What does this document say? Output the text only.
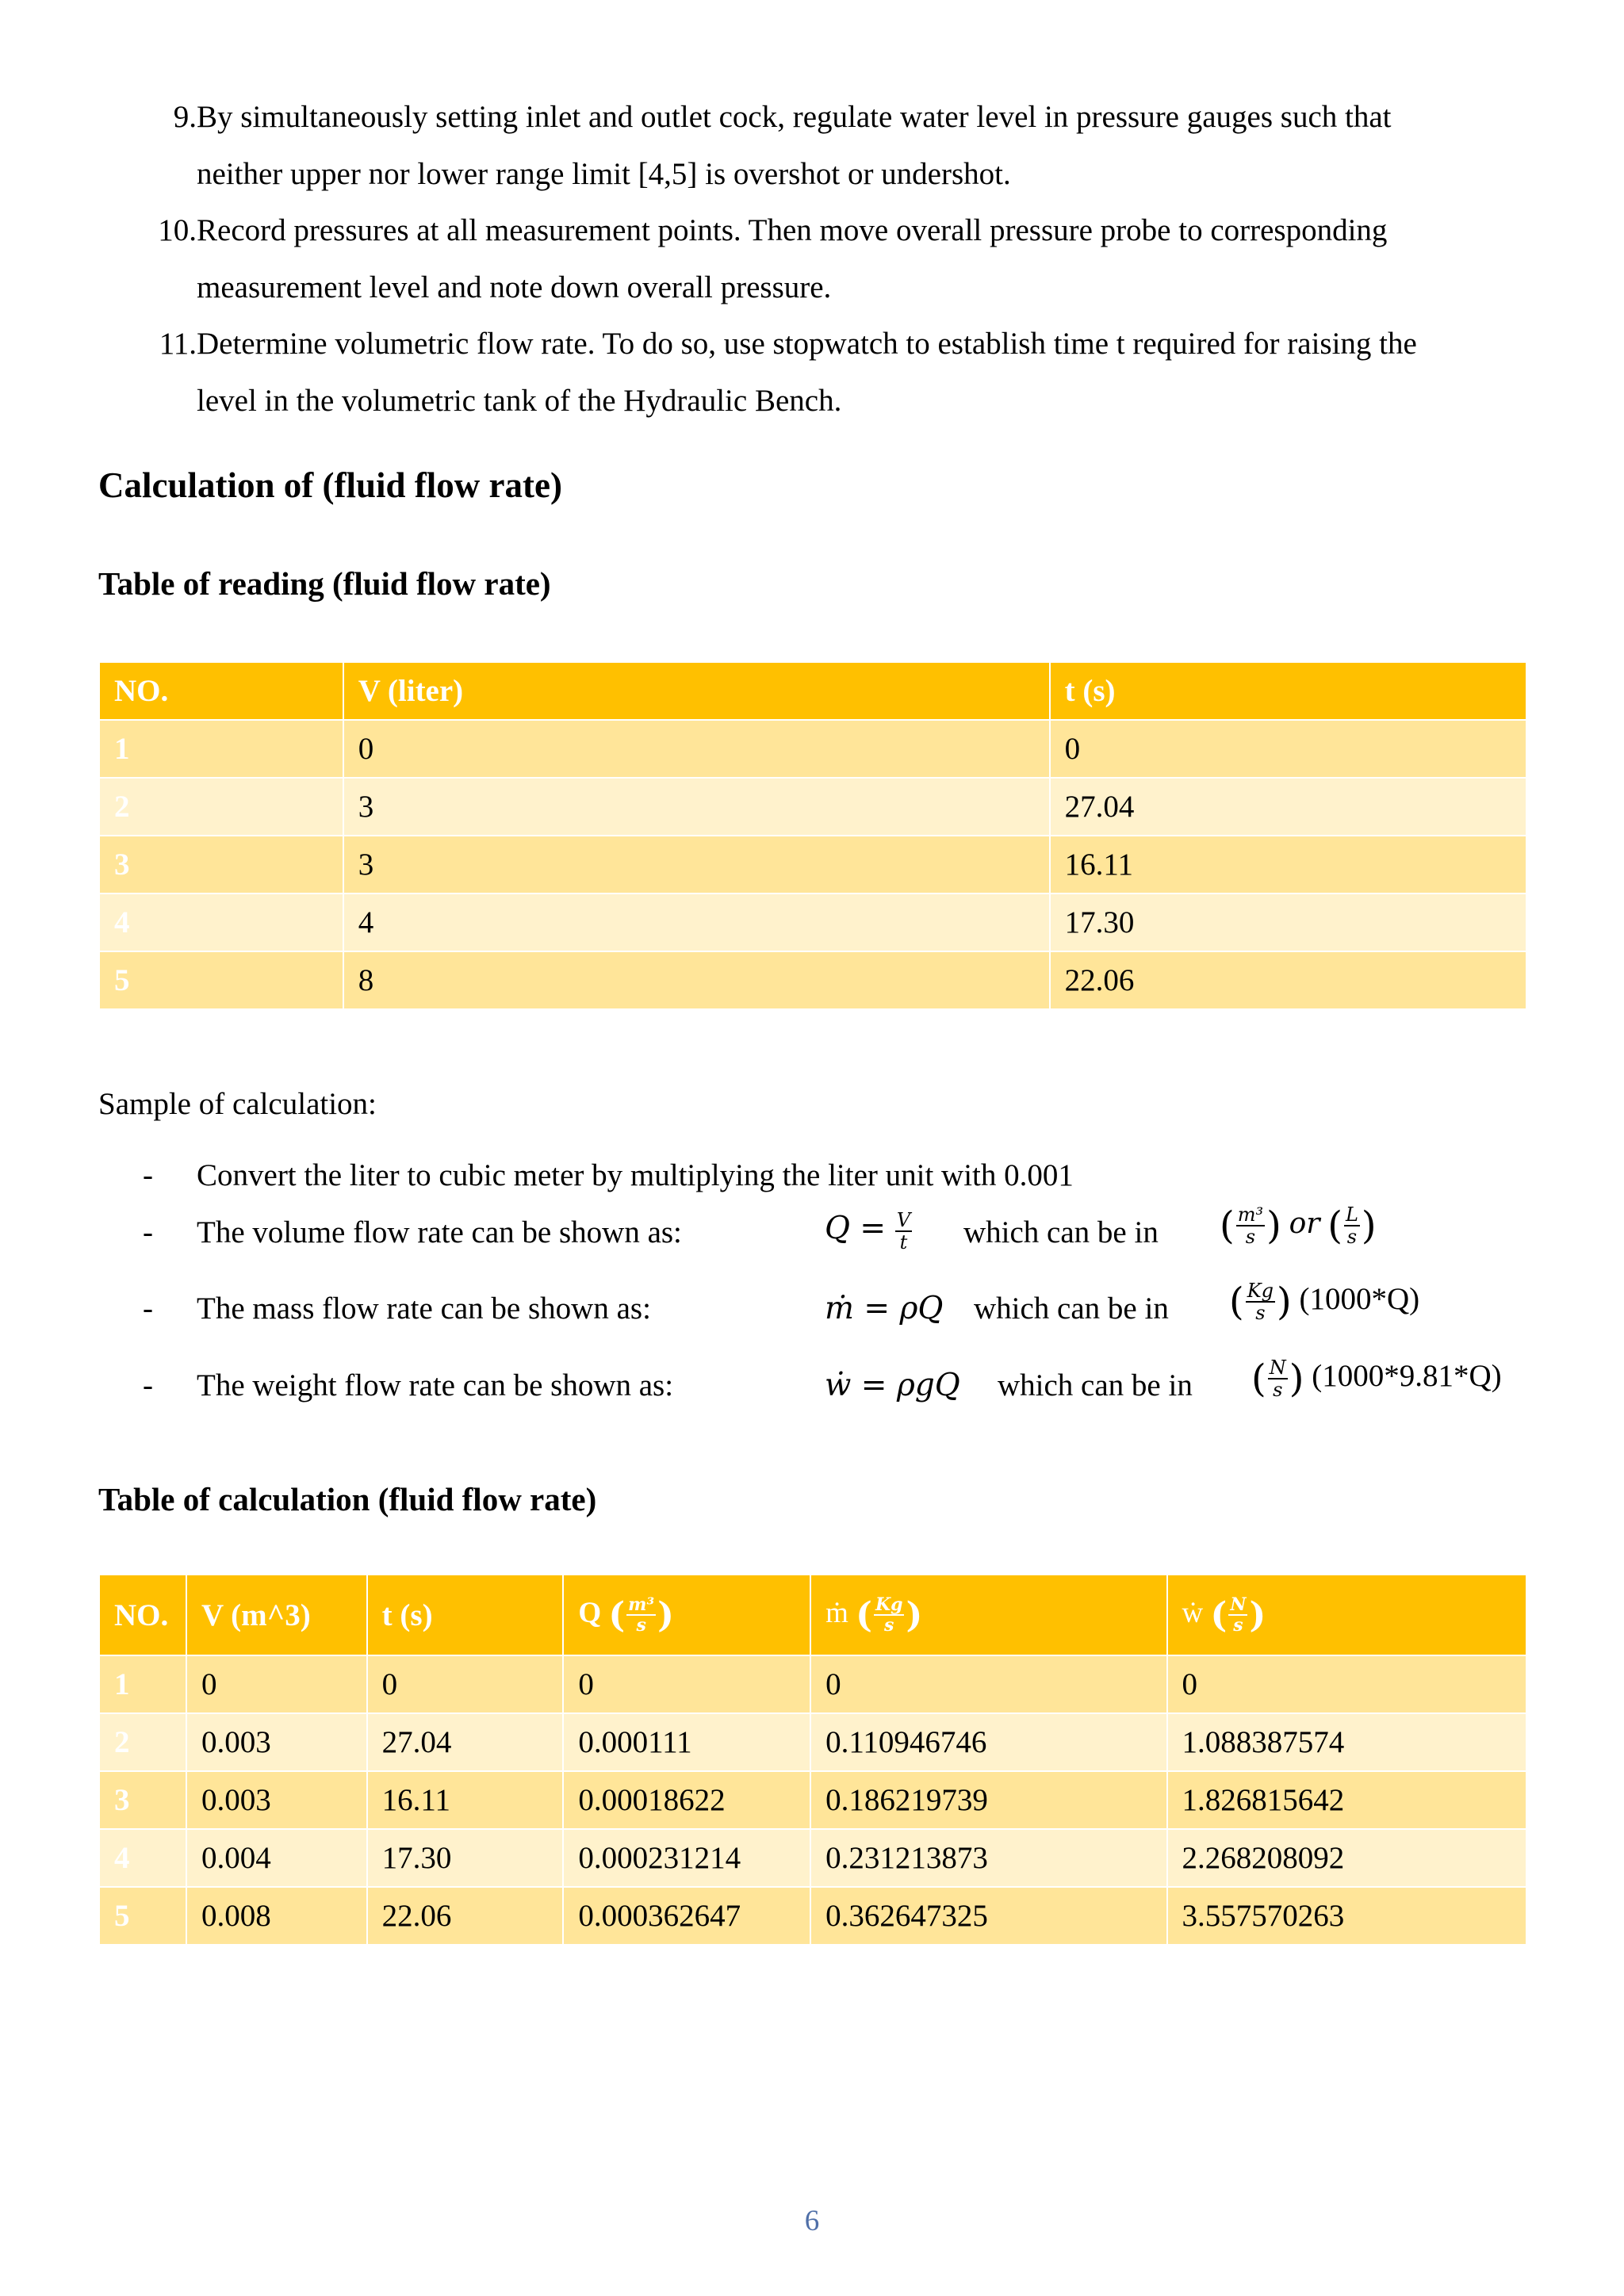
9. By simultaneously setting inlet and outlet cock, regulate water level in pressure gauges such that
neither upper nor lower range limit [4,5] is overshot or undershot.
10. Record pressures at all measurement points. Then move overall pressure probe to corresponding
measurement level and note down overall pressure.
11. Determine volumetric flow rate. To do so, use stopwatch to establish time t required for raising the
level in the volumetric tank of the Hydraulic Bench.
Calculation of (fluid flow rate)
Table of reading (fluid flow rate)
NO.	V (liter)	t (s)
1	0	0
2	3	27.04
3	3	16.11
4	4	17.30
5	8	22.06
Sample of calculation:
- Convert the liter to cubic meter by multiplying the liter unit with 0.001
- The volume flow rate can be shown as:	$Q = \frac{V}{t}$ which can be in ( $\frac{\text{m³}}{s}$ ) or ( $\frac{L}{s}$ )
- The mass flow rate can be shown as:	ṁ = ρQ which can be in ( $\frac{Kg}{s}$ ) (1000*Q)
- The weight flow rate can be shown as:	ẇ = ρgQ which can be in ( $\frac{N}{s}$ ) (1000*9.81*Q)
Table of calculation (fluid flow rate)
NO.	V (m^3)	t (s)	Q ( $\frac{\text{m³}}{s}$ )	ṁ ( $\frac{Kg}{s}$ )	ẇ ( $\frac{N}{s}$ )
1	0	0	0	0	0
2	0.003	27.04	0.000111	0.110946746	1.088387574
3	0.003	16.11	0.00018622	0.186219739	1.826815642
4	0.004	17.30	0.000231214	0.231213873	2.268208092
5	0.008	22.06	0.000362647	0.362647325	3.557570263
6
